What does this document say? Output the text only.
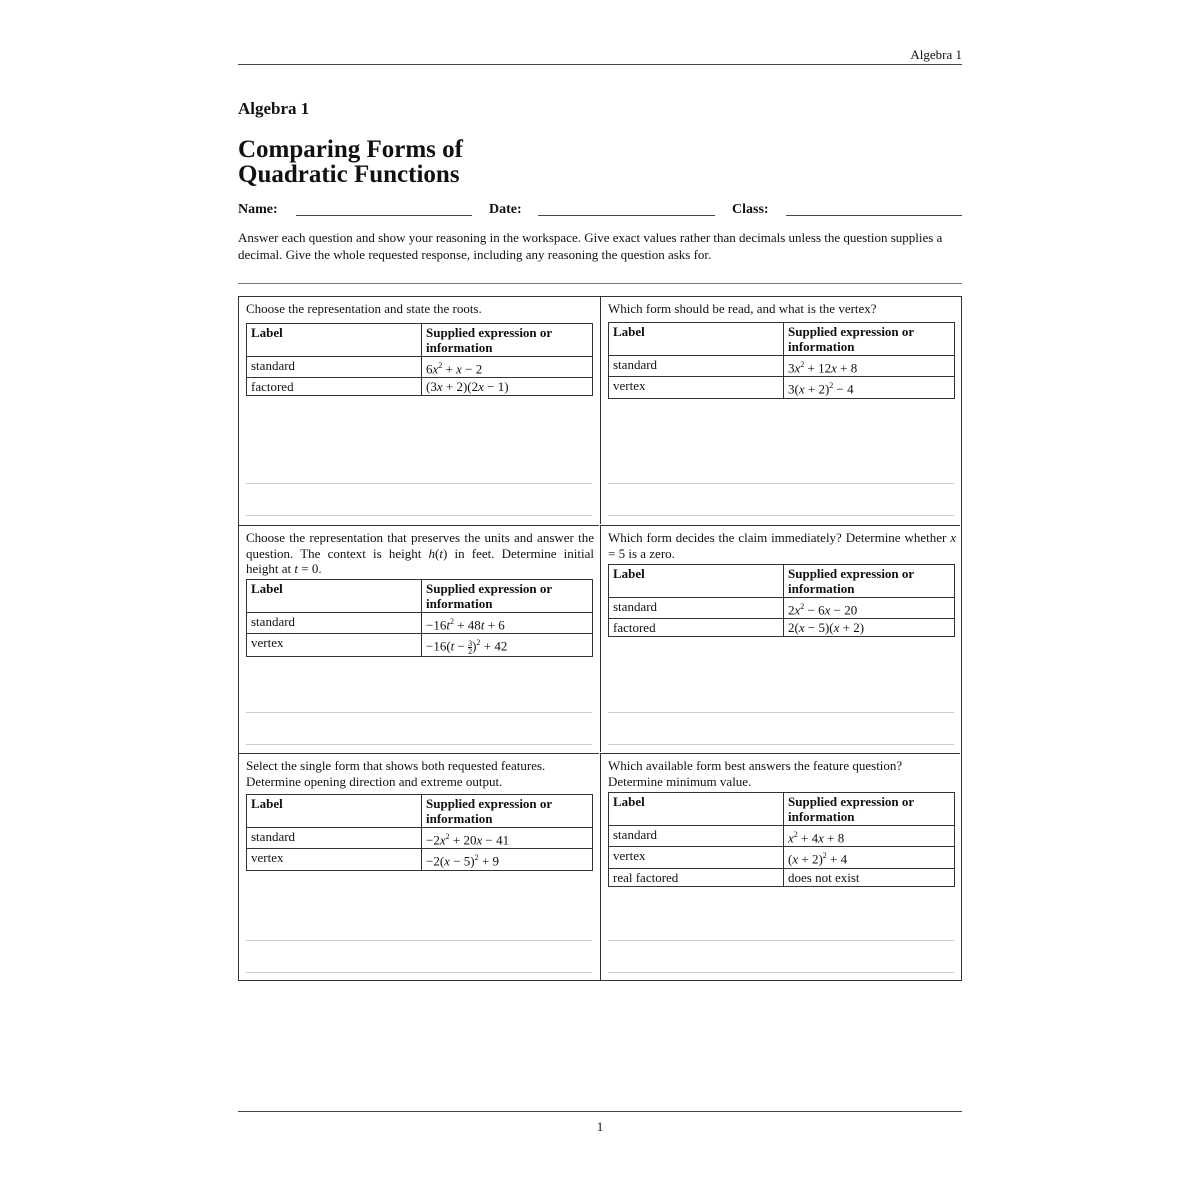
Algebra 1
Algebra 1
Comparing Forms of Quadratic Functions
Name:	Date:	Class:
Answer each question and show your reasoning in the workspace. Give exact values rather than decimals unless the question supplies a decimal. Give the whole requested response, including any reasoning the question asks for.
Choose the representation and state the roots.
Label	Supplied expression or information
standard	$6x^2 + x - 2$
factored	(3x + 2)(2x − 1)
Which form should be read, and what is the vertex?
Label	Supplied expression or information
standard	$3x^2 + 12x + 8$
vertex	$3(x + 2)^2 - 4$
Choose the representation that preserves the units and answer the question. The context is height h(t) in feet. Determine initial height at t = 0.
Label	Supplied expression or information
standard	$-16t^2 + 48t + 6$
vertex	$-16(t - \frac{3}{2} )^2 + 42$
Which form decides the claim immediately? Determine whether x = 5 is a zero.
Label	Supplied expression or information
standard	$2x^2 - 6x - 20$
factored	2(x − 5)(x + 2)
Select the single form that shows both requested features. Determine opening direction and extreme output.
Label	Supplied expression or information
standard	$-2x^2 + 20x - 41$
vertex	$-2(x - 5)^2 + 9$
Which available form best answers the feature question? Determine minimum value.
Label	Supplied expression or information
standard	$x^2 + 4x + 8$
vertex	$(x + 2)^2 + 4$
real factored	does not exist
1
